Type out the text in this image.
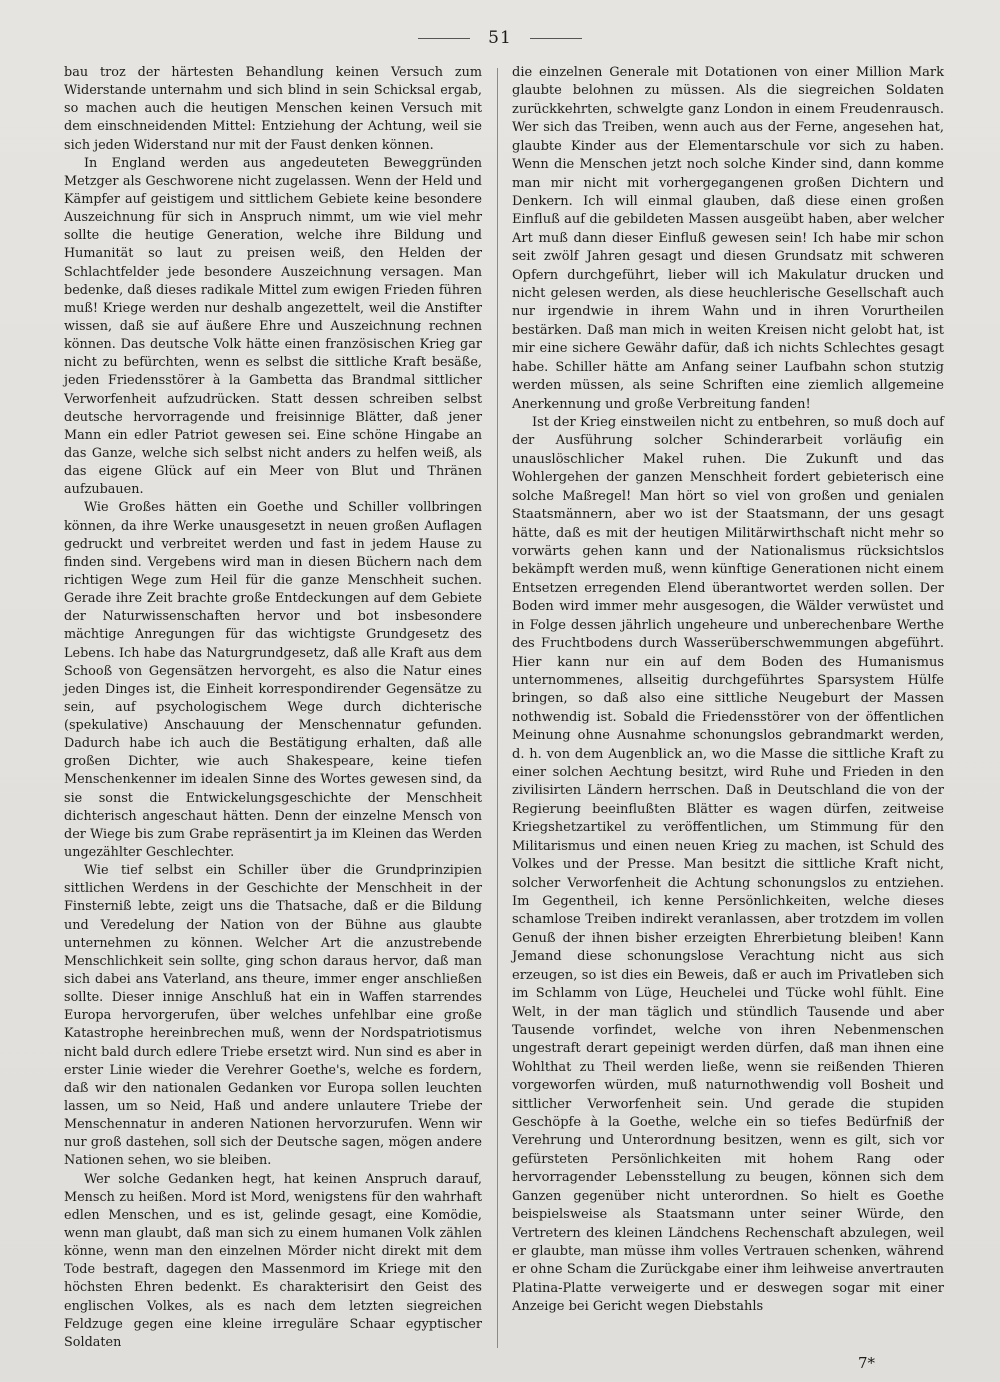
51

bau troz der härtesten Behandlung keinen Versuch zum Widerstande unternahm und sich blind in sein Schicksal ergab, so machen auch die heutigen Menschen keinen Versuch mit dem einschneidenden Mittel: Entziehung der Achtung, weil sie sich jeden Widerstand nur mit der Faust denken können.

In England werden aus angedeuteten Beweggründen Metzger als Geschworene nicht zugelassen. Wenn der Held und Kämpfer auf geistigem und sittlichem Gebiete keine besondere Auszeichnung für sich in Anspruch nimmt, um wie viel mehr sollte die heutige Generation, welche ihre Bildung und Humanität so laut zu preisen weiß, den Helden der Schlachtfelder jede besondere Auszeichnung versagen. Man bedenke, daß dieses radikale Mittel zum ewigen Frieden führen muß! Kriege werden nur deshalb angezettelt, weil die Anstifter wissen, daß sie auf äußere Ehre und Auszeichnung rechnen können. Das deutsche Volk hätte einen französischen Krieg gar nicht zu befürchten, wenn es selbst die sittliche Kraft besäße, jeden Friedensstörer à la Gambetta das Brandmal sittlicher Verworfenheit aufzudrücken. Statt dessen schreiben selbst deutsche hervorragende und freisinnige Blätter, daß jener Mann ein edler Patriot gewesen sei. Eine schöne Hingabe an das Ganze, welche sich selbst nicht anders zu helfen weiß, als das eigene Glück auf ein Meer von Blut und Thränen aufzubauen.

Wie Großes hätten ein Goethe und Schiller vollbringen können, da ihre Werke unausgesetzt in neuen großen Auflagen gedruckt und verbreitet werden und fast in jedem Hause zu finden sind. Vergebens wird man in diesen Büchern nach dem richtigen Wege zum Heil für die ganze Menschheit suchen. Gerade ihre Zeit brachte große Entdeckungen auf dem Gebiete der Naturwissenschaften hervor und bot insbesondere mächtige Anregungen für das wichtigste Grundgesetz des Lebens. Ich habe das Naturgrundgesetz, daß alle Kraft aus dem Schooß von Gegensätzen hervorgeht, es also die Natur eines jeden Dinges ist, die Einheit korrespondirender Gegensätze zu sein, auf psychologischem Wege durch dichterische (spekulative) Anschauung der Menschennatur gefunden. Dadurch habe ich auch die Bestätigung erhalten, daß alle großen Dichter, wie auch Shakespeare, keine tiefen Menschenkenner im idealen Sinne des Wortes gewesen sind, da sie sonst die Entwickelungsgeschichte der Menschheit dichterisch angeschaut hätten. Denn der einzelne Mensch von der Wiege bis zum Grabe repräsentirt ja im Kleinen das Werden ungezählter Geschlechter.

Wie tief selbst ein Schiller über die Grundprinzipien sittlichen Werdens in der Geschichte der Menschheit in der Finsterniß lebte, zeigt uns die Thatsache, daß er die Bildung und Veredelung der Nation von der Bühne aus glaubte unternehmen zu können. Welcher Art die anzustrebende Menschlichkeit sein sollte, ging schon daraus hervor, daß man sich dabei ans Vaterland, ans theure, immer enger anschließen sollte. Dieser innige Anschluß hat ein in Waffen starrendes Europa hervorgerufen, über welches unfehlbar eine große Katastrophe hereinbrechen muß, wenn der Nordspatriotismus nicht bald durch edlere Triebe ersetzt wird. Nun sind es aber in erster Linie wieder die Verehrer Goethe's, welche es fordern, daß wir den nationalen Gedanken vor Europa sollen leuchten lassen, um so Neid, Haß und andere unlautere Triebe der Menschennatur in anderen Nationen hervorzurufen. Wenn wir nur groß dastehen, soll sich der Deutsche sagen, mögen andere Nationen sehen, wo sie bleiben.

Wer solche Gedanken hegt, hat keinen Anspruch darauf, Mensch zu heißen. Mord ist Mord, wenigstens für den wahrhaft edlen Menschen, und es ist, gelinde gesagt, eine Komödie, wenn man glaubt, daß man sich zu einem humanen Volk zählen könne, wenn man den einzelnen Mörder nicht direkt mit dem Tode bestraft, dagegen den Massenmord im Kriege mit den höchsten Ehren bedenkt. Es charakterisirt den Geist des englischen Volkes, als es nach dem letzten siegreichen Feldzuge gegen eine kleine irreguläre Schaar egyptischer Soldaten

die einzelnen Generale mit Dotationen von einer Million Mark glaubte belohnen zu müssen. Als die siegreichen Soldaten zurückkehrten, schwelgte ganz London in einem Freudenrausch. Wer sich das Treiben, wenn auch aus der Ferne, angesehen hat, glaubte Kinder aus der Elementarschule vor sich zu haben. Wenn die Menschen jetzt noch solche Kinder sind, dann komme man mir nicht mit vorhergegangenen großen Dichtern und Denkern. Ich will einmal glauben, daß diese einen großen Einfluß auf die gebildeten Massen ausgeübt haben, aber welcher Art muß dann dieser Einfluß gewesen sein! Ich habe mir schon seit zwölf Jahren gesagt und diesen Grundsatz mit schweren Opfern durchgeführt, lieber will ich Makulatur drucken und nicht gelesen werden, als diese heuchlerische Gesellschaft auch nur irgendwie in ihrem Wahn und in ihren Vorurtheilen bestärken. Daß man mich in weiten Kreisen nicht gelobt hat, ist mir eine sichere Gewähr dafür, daß ich nichts Schlechtes gesagt habe. Schiller hätte am Anfang seiner Laufbahn schon stutzig werden müssen, als seine Schriften eine ziemlich allgemeine Anerkennung und große Verbreitung fanden!

Ist der Krieg einstweilen nicht zu entbehren, so muß doch auf der Ausführung solcher Schinderarbeit vorläufig ein unauslöschlicher Makel ruhen. Die Zukunft und das Wohlergehen der ganzen Menschheit fordert gebieterisch eine solche Maßregel! Man hört so viel von großen und genialen Staatsmännern, aber wo ist der Staatsmann, der uns gesagt hätte, daß es mit der heutigen Militärwirthschaft nicht mehr so vorwärts gehen kann und der Nationalismus rücksichtslos bekämpft werden muß, wenn künftige Generationen nicht einem Entsetzen erregenden Elend überantwortet werden sollen. Der Boden wird immer mehr ausgesogen, die Wälder verwüstet und in Folge dessen jährlich ungeheure und unberechenbare Werthe des Fruchtbodens durch Wasserüberschwemmungen abgeführt. Hier kann nur ein auf dem Boden des Humanismus unternommenes, allseitig durchgeführtes Sparsystem Hülfe bringen, so daß also eine sittliche Neugeburt der Massen nothwendig ist. Sobald die Friedensstörer von der öffentlichen Meinung ohne Ausnahme schonungslos gebrandmarkt werden, d. h. von dem Augenblick an, wo die Masse die sittliche Kraft zu einer solchen Aechtung besitzt, wird Ruhe und Frieden in den zivilisirten Ländern herrschen. Daß in Deutschland die von der Regierung beeinflußten Blätter es wagen dürfen, zeitweise Kriegshetzartikel zu veröffentlichen, um Stimmung für den Militarismus und einen neuen Krieg zu machen, ist Schuld des Volkes und der Presse. Man besitzt die sittliche Kraft nicht, solcher Verworfenheit die Achtung schonungslos zu entziehen. Im Gegentheil, ich kenne Persönlichkeiten, welche dieses schamlose Treiben indirekt veranlassen, aber trotzdem im vollen Genuß der ihnen bisher erzeigten Ehrerbietung bleiben! Kann Jemand diese schonungslose Verachtung nicht aus sich erzeugen, so ist dies ein Beweis, daß er auch im Privatleben sich im Schlamm von Lüge, Heuchelei und Tücke wohl fühlt. Eine Welt, in der man täglich und stündlich Tausende und aber Tausende vorfindet, welche von ihren Nebenmenschen ungestraft derart gepeinigt werden dürfen, daß man ihnen eine Wohlthat zu Theil werden ließe, wenn sie reißenden Thieren vorgeworfen würden, muß naturnothwendig voll Bosheit und sittlicher Verworfenheit sein. Und gerade die stupiden Geschöpfe à la Goethe, welche ein so tiefes Bedürfniß der Verehrung und Unterordnung besitzen, wenn es gilt, sich vor gefürsteten Persönlichkeiten mit hohem Rang oder hervorragender Lebensstellung zu beugen, können sich dem Ganzen gegenüber nicht unterordnen. So hielt es Goethe beispielsweise als Staatsmann unter seiner Würde, den Vertretern des kleinen Ländchens Rechenschaft abzulegen, weil er glaubte, man müsse ihm volles Vertrauen schenken, während er ohne Scham die Zurückgabe einer ihm leihweise anvertrauten Platina-Platte verweigerte und er deswegen sogar mit einer Anzeige bei Gericht wegen Diebstahls

7*
